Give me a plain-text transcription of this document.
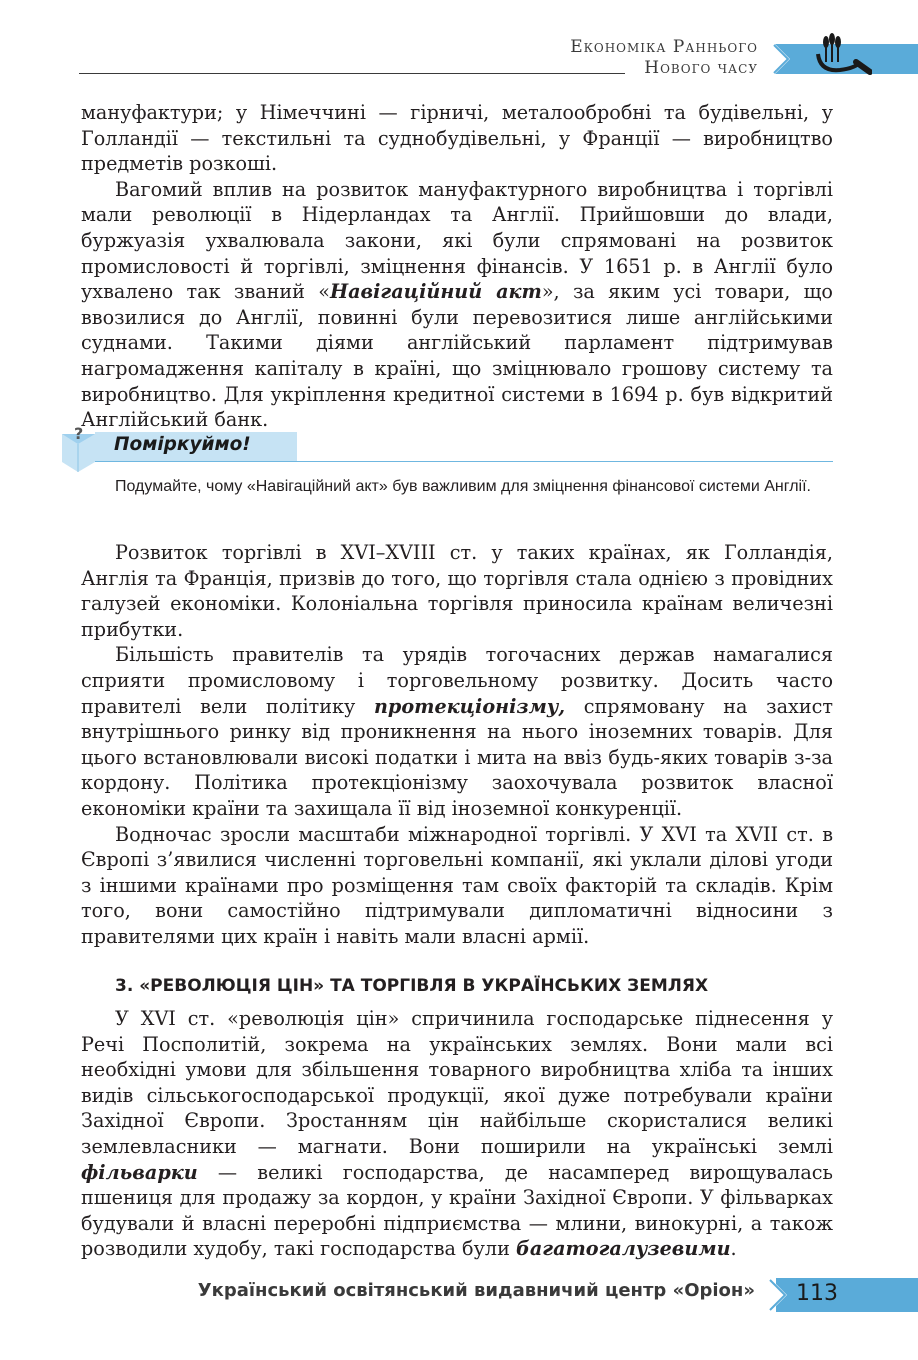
Економіка Раннього
Нового часу

мануфактури; у Німеччині — гірничі, металообробні та будівельні, у Голландії — текстильні та суднобудівельні, у Франції — виробництво предметів розкоші.

Вагомий вплив на розвиток мануфактурного виробництва і торгівлі мали революції в Нідерландах та Англії. Прийшовши до влади, буржуазія ухвалювала закони, які були спрямовані на розвиток промисловості й торгівлі, зміцнення фінансів. У 1651 р. в Англії було ухвалено так званий «Навігаційний акт», за яким усі товари, що ввозилися до Англії, повинні були перевозитися лише англійськими суднами. Такими діями англійський парламент підтримував нагромадження капіталу в країні, що зміцнювало грошову систему та виробництво. Для укріплення кредитної системи в 1694 р. був відкритий Англійський банк.

?
Поміркуймо!

Подумайте, чому «Навігаційний акт» був важливим для зміцнення фінансової системи Англії.

Розвиток торгівлі в XVI–XVIII ст. у таких країнах, як Голландія, Англія та Франція, призвів до того, що торгівля стала однією з провідних галузей економіки. Колоніальна торгівля приносила країнам величезні прибутки.

Більшість правителів та урядів тогочасних держав намагалися сприяти промисловому і торговельному розвитку. Досить часто правителі вели політику протекціонізму, спрямовану на захист внутрішнього ринку від проникнення на нього іноземних товарів. Для цього встановлювали високі податки і мита на ввіз будь-яких товарів з-за кордону. Політика протекціонізму заохочувала розвиток власної економіки країни та захищала її від іноземної конкуренції.

Водночас зросли масштаби міжнародної торгівлі. У XVI та XVII ст. в Європі з’явилися численні торговельні компанії, які уклали ділові угоди з іншими країнами про розміщення там своїх факторій та складів. Крім того, вони самостійно підтримували дипломатичні відносини з правителями цих країн і навіть мали власні армії.

3. «РЕВОЛЮЦІЯ ЦІН» ТА ТОРГІВЛЯ В УКРАЇНСЬКИХ ЗЕМЛЯХ

У XVI ст. «революція цін» спричинила господарське піднесення у Речі Посполитій, зокрема на українських землях. Вони мали всі необхідні умови для збільшення товарного виробництва хліба та інших видів сільськогосподарської продукції, якої дуже потребували країни Західної Європи. Зростанням цін найбільше скористалися великі землевласники — магнати. Вони поширили на українські землі фільварки — великі господарства, де насамперед вирощувалась пшениця для продажу за кордон, у країни Західної Європи. У фільварках будували й власні переробні підприємства — млини, винокурні, а також розводили худобу, такі господарства були багатогалузевими.

Український освітянський видавничий центр «Оріон» 113
